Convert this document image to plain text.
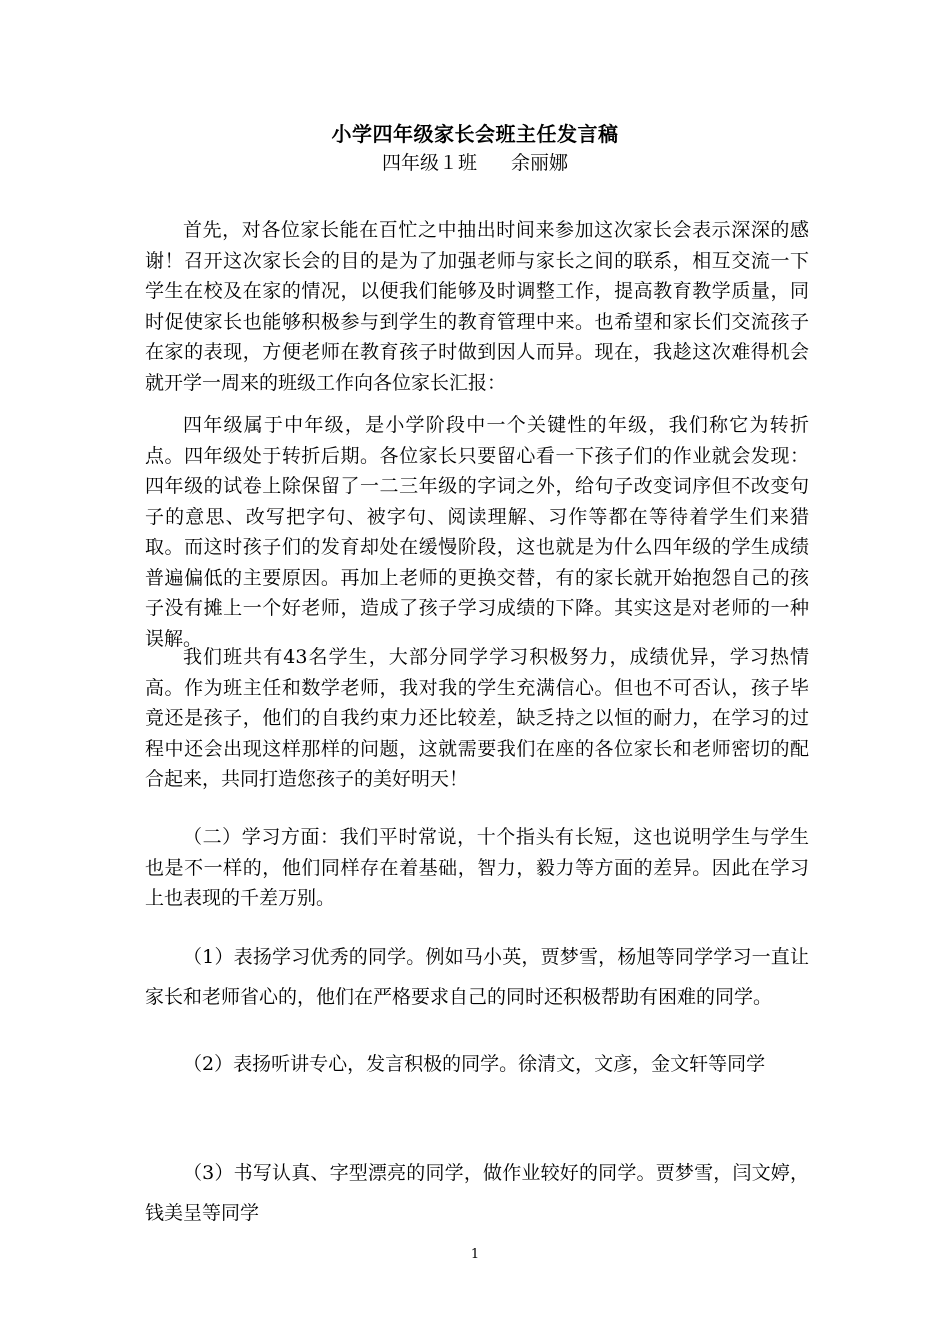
小学四年级家长会班主任发言稿
四年级１班 余丽娜

首先，对各位家长能在百忙之中抽出时间来参加这次家长会表示深深的感谢！召开这次家长会的目的是为了加强老师与家长之间的联系，相互交流一下学生在校及在家的情况，以便我们能够及时调整工作，提高教育教学质量，同时促使家长也能够积极参与到学生的教育管理中来。也希望和家长们交流孩子在家的表现，方便老师在教育孩子时做到因人而异。现在，我趁这次难得机会就开学一周来的班级工作向各位家长汇报：

四年级属于中年级，是小学阶段中一个关键性的年级，我们称它为转折点。四年级处于转折后期。各位家长只要留心看一下孩子们的作业就会发现：四年级的试卷上除保留了一二三年级的字词之外，给句子改变词序但不改变句子的意思、改写把字句、被字句、阅读理解、习作等都在等待着学生们来猎取。而这时孩子们的发育却处在缓慢阶段，这也就是为什么四年级的学生成绩普遍偏低的主要原因。再加上老师的更换交替，有的家长就开始抱怨自己的孩子没有摊上一个好老师，造成了孩子学习成绩的下降。其实这是对老师的一种误解。

我们班共有43名学生，大部分同学学习积极努力，成绩优异，学习热情高。作为班主任和数学老师，我对我的学生充满信心。但也不可否认，孩子毕竟还是孩子，他们的自我约束力还比较差，缺乏持之以恒的耐力，在学习的过程中还会出现这样那样的问题，这就需要我们在座的各位家长和老师密切的配合起来，共同打造您孩子的美好明天！

（二）学习方面：我们平时常说，十个指头有长短，这也说明学生与学生也是不一样的，他们同样存在着基础，智力，毅力等方面的差异。因此在学习上也表现的千差万别。

（1）表扬学习优秀的同学。例如马小英，贾梦雪，杨旭等同学学习一直让家长和老师省心的，他们在严格要求自己的同时还积极帮助有困难的同学。

（2）表扬听讲专心，发言积极的同学。徐清文，文彦，金文轩等同学

（3）书写认真、字型漂亮的同学，做作业较好的同学。贾梦雪，闫文婷，钱美呈等同学

1
